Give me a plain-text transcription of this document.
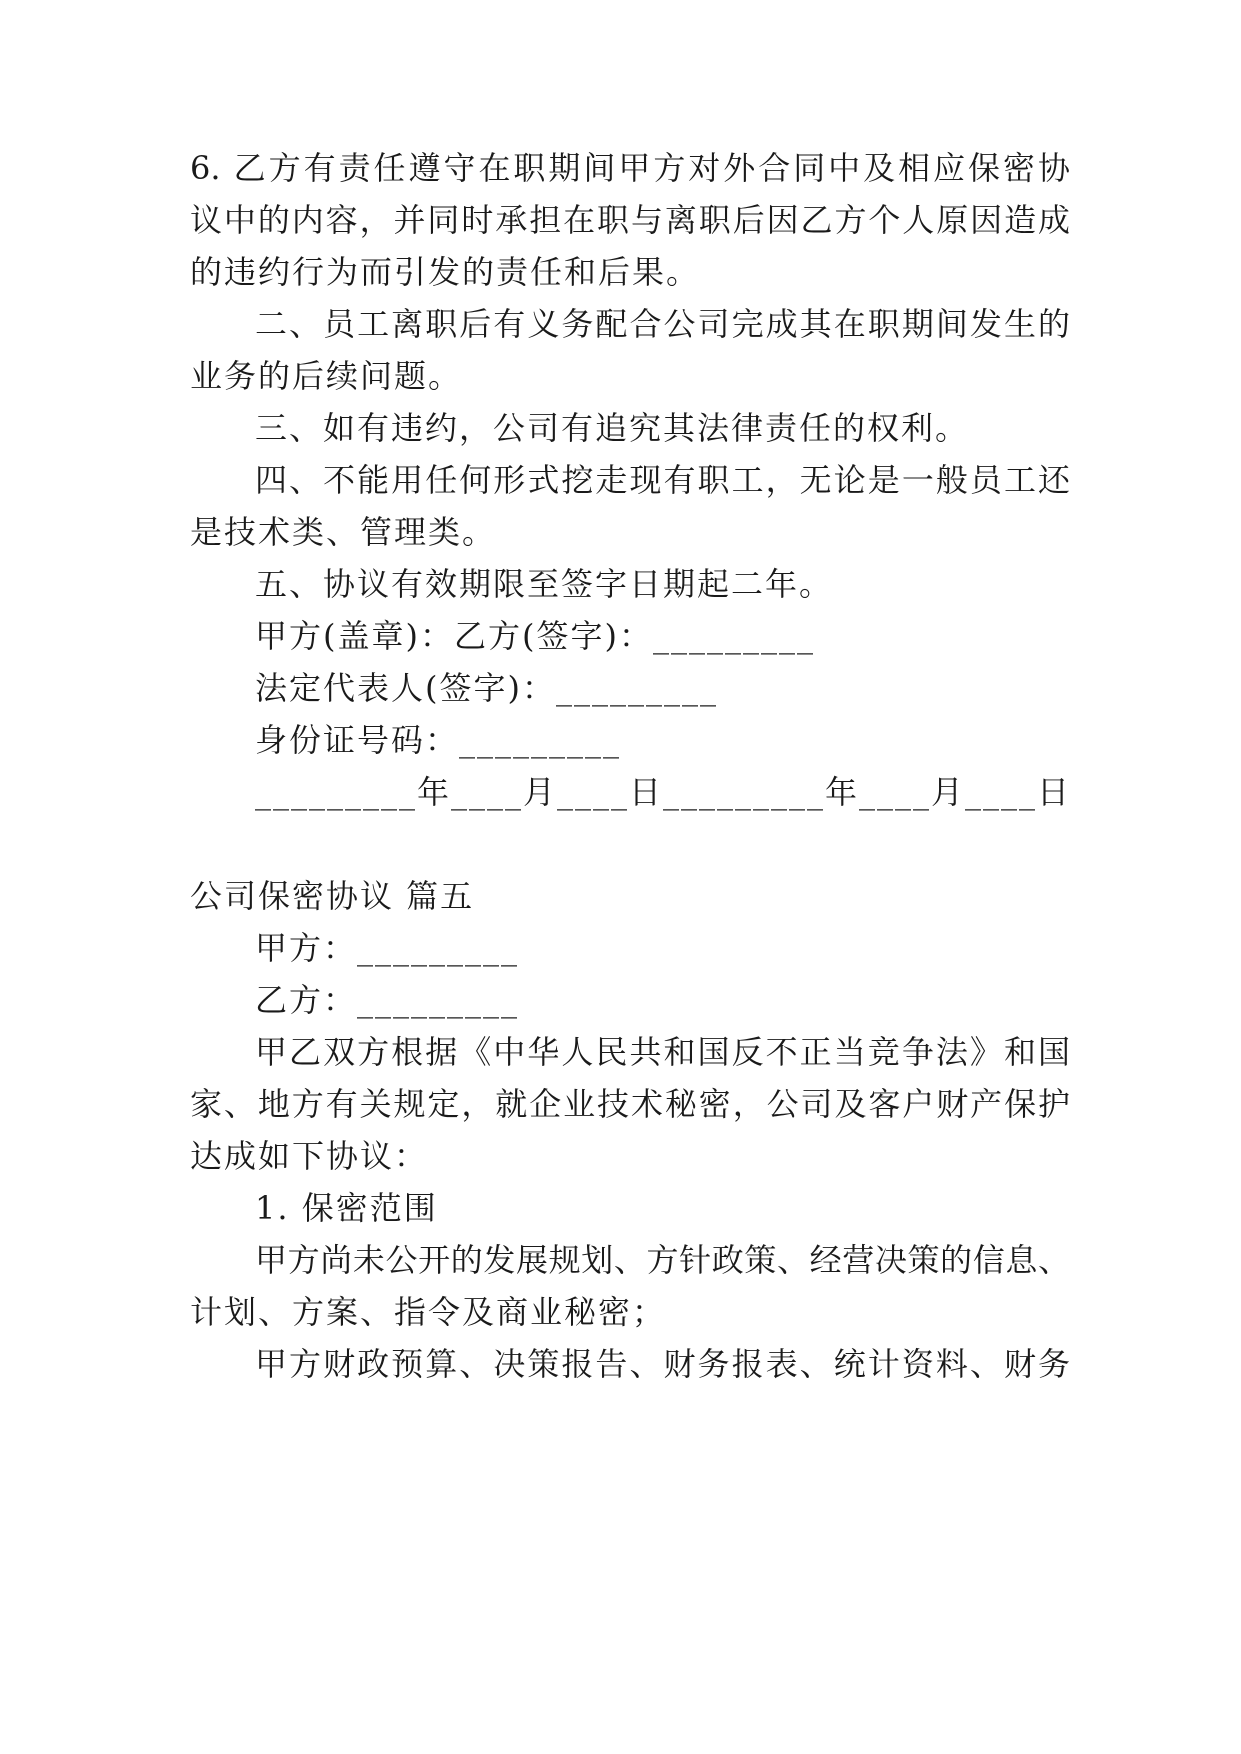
6. 乙方有责任遵守在职期间甲方对外合同中及相应保密协
议中的内容，并同时承担在职与离职后因乙方个人原因造成
的违约行为而引发的责任和后果。
二、员工离职后有义务配合公司完成其在职期间发生的
业务的后续问题。
三、如有违约，公司有追究其法律责任的权利。
四、不能用任何形式挖走现有职工，无论是一般员工还
是技术类、管理类。
五、协议有效期限至签字日期起二年。
甲方(盖章)：乙方(签字)：_________
法定代表人(签字)：_________
身份证号码：_________
_________年____月____日_________年____月____日
公司保密协议 篇五
甲方：_________
乙方：_________
甲乙双方根据《中华人民共和国反不正当竞争法》和国
家、地方有关规定，就企业技术秘密，公司及客户财产保护
达成如下协议：
1. 保密范围
甲方尚未公开的发展规划、方针政策、经营决策的信息、
计划、方案、指令及商业秘密；
甲方财政预算、决策报告、财务报表、统计资料、财务
